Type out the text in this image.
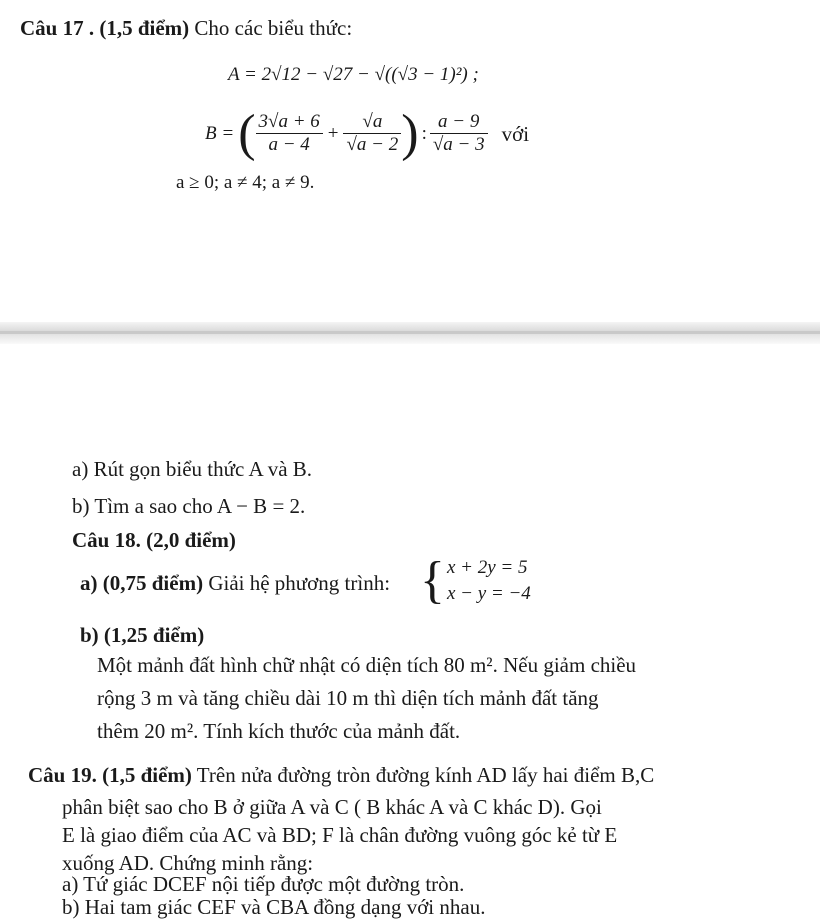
Câu 17 . (1,5 điểm) Cho các biểu thức:
A = 2√12 − √27 − √((√3 − 1)²) ;
B = ( $\frac{3√a + 6}{a - 4} + \frac{√a}{√a - 2}$ ) : $\frac{a - 9}{√a - 3}$ với
a ≥ 0; a ≠ 4; a ≠ 9.
a) Rút gọn biểu thức A và B.
b) Tìm a sao cho A − B = 2.
Câu 18. (2,0 điểm)
a) (0,75 điểm) Giải hệ phương trình: { x + 2y = 5
x − y = −4
b) (1,25 điểm)
Một mảnh đất hình chữ nhật có diện tích 80 m². Nếu giảm chiều
rộng 3 m và tăng chiều dài 10 m thì diện tích mảnh đất tăng
thêm 20 m². Tính kích thước của mảnh đất.
Câu 19. (1,5 điểm) Trên nửa đường tròn đường kính AD lấy hai điểm B,C
phân biệt sao cho B ở giữa A và C ( B khác A và C khác D). Gọi
E là giao điểm của AC và BD; F là chân đường vuông góc kẻ từ E
xuống AD. Chứng minh rằng:
a) Tứ giác DCEF nội tiếp được một đường tròn.
b) Hai tam giác CEF và CBA đồng dạng với nhau.
